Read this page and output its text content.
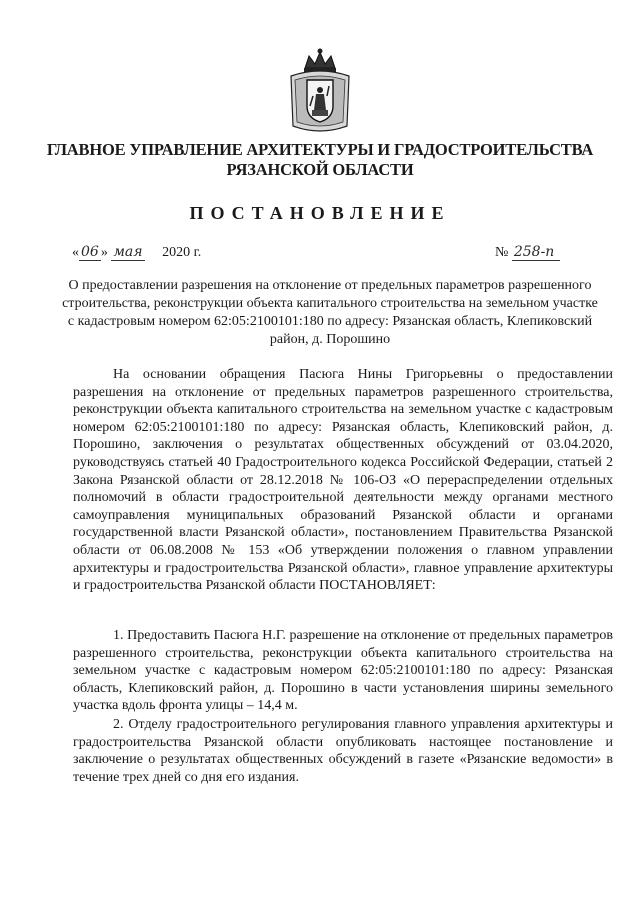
ГЛАВНОЕ УПРАВЛЕНИЕ АРХИТЕКТУРЫ И ГРАДОСТРОИТЕЛЬСТВА
РЯЗАНСКОЙ ОБЛАСТИ
ПОСТАНОВЛЕНИЕ
« 06 » мая 2020 г.	№ 258-п
О предоставлении разрешения на отклонение от предельных параметров разрешенного строительства, реконструкции объекта капитального строительства на земельном участке с кадастровым номером 62:05:2100101:180 по адресу: Рязанская область, Клепиковский район, д. Порошино
На основании обращения Пасюга Нины Григорьевны о предоставлении разрешения на отклонение от предельных параметров разрешенного строительства, реконструкции объекта капитального строительства на земельном участке с кадастровым номером 62:05:2100101:180 по адресу: Рязанская область, Клепиковский район, д. Порошино, заключения о результатах общественных обсуждений от 03.04.2020, руководствуясь статьей 40 Градостроительного кодекса Российской Федерации, статьей 2 Закона Рязанской области от 28.12.2018 № 106-ОЗ «О перераспределении отдельных полномочий в области градостроительной деятельности между органами местного самоуправления муниципальных образований Рязанской области и органами государственной власти Рязанской области», постановлением Правительства Рязанской области от 06.08.2008 № 153 «Об утверждении положения о главном управлении архитектуры и градостроительства Рязанской области», главное управление архитектуры и градостроительства Рязанской области ПОСТАНОВЛЯЕТ:
1. Предоставить Пасюга Н.Г. разрешение на отклонение от предельных параметров разрешенного строительства, реконструкции объекта капитального строительства на земельном участке с кадастровым номером 62:05:2100101:180 по адресу: Рязанская область, Клепиковский район, д. Порошино в части установления ширины земельного участка вдоль фронта улицы – 14,4 м.
2. Отделу градостроительного регулирования главного управления архитектуры и градостроительства Рязанской области опубликовать настоящее постановление и заключение о результатах общественных обсуждений в газете «Рязанские ведомости» в течение трех дней со дня его издания.
